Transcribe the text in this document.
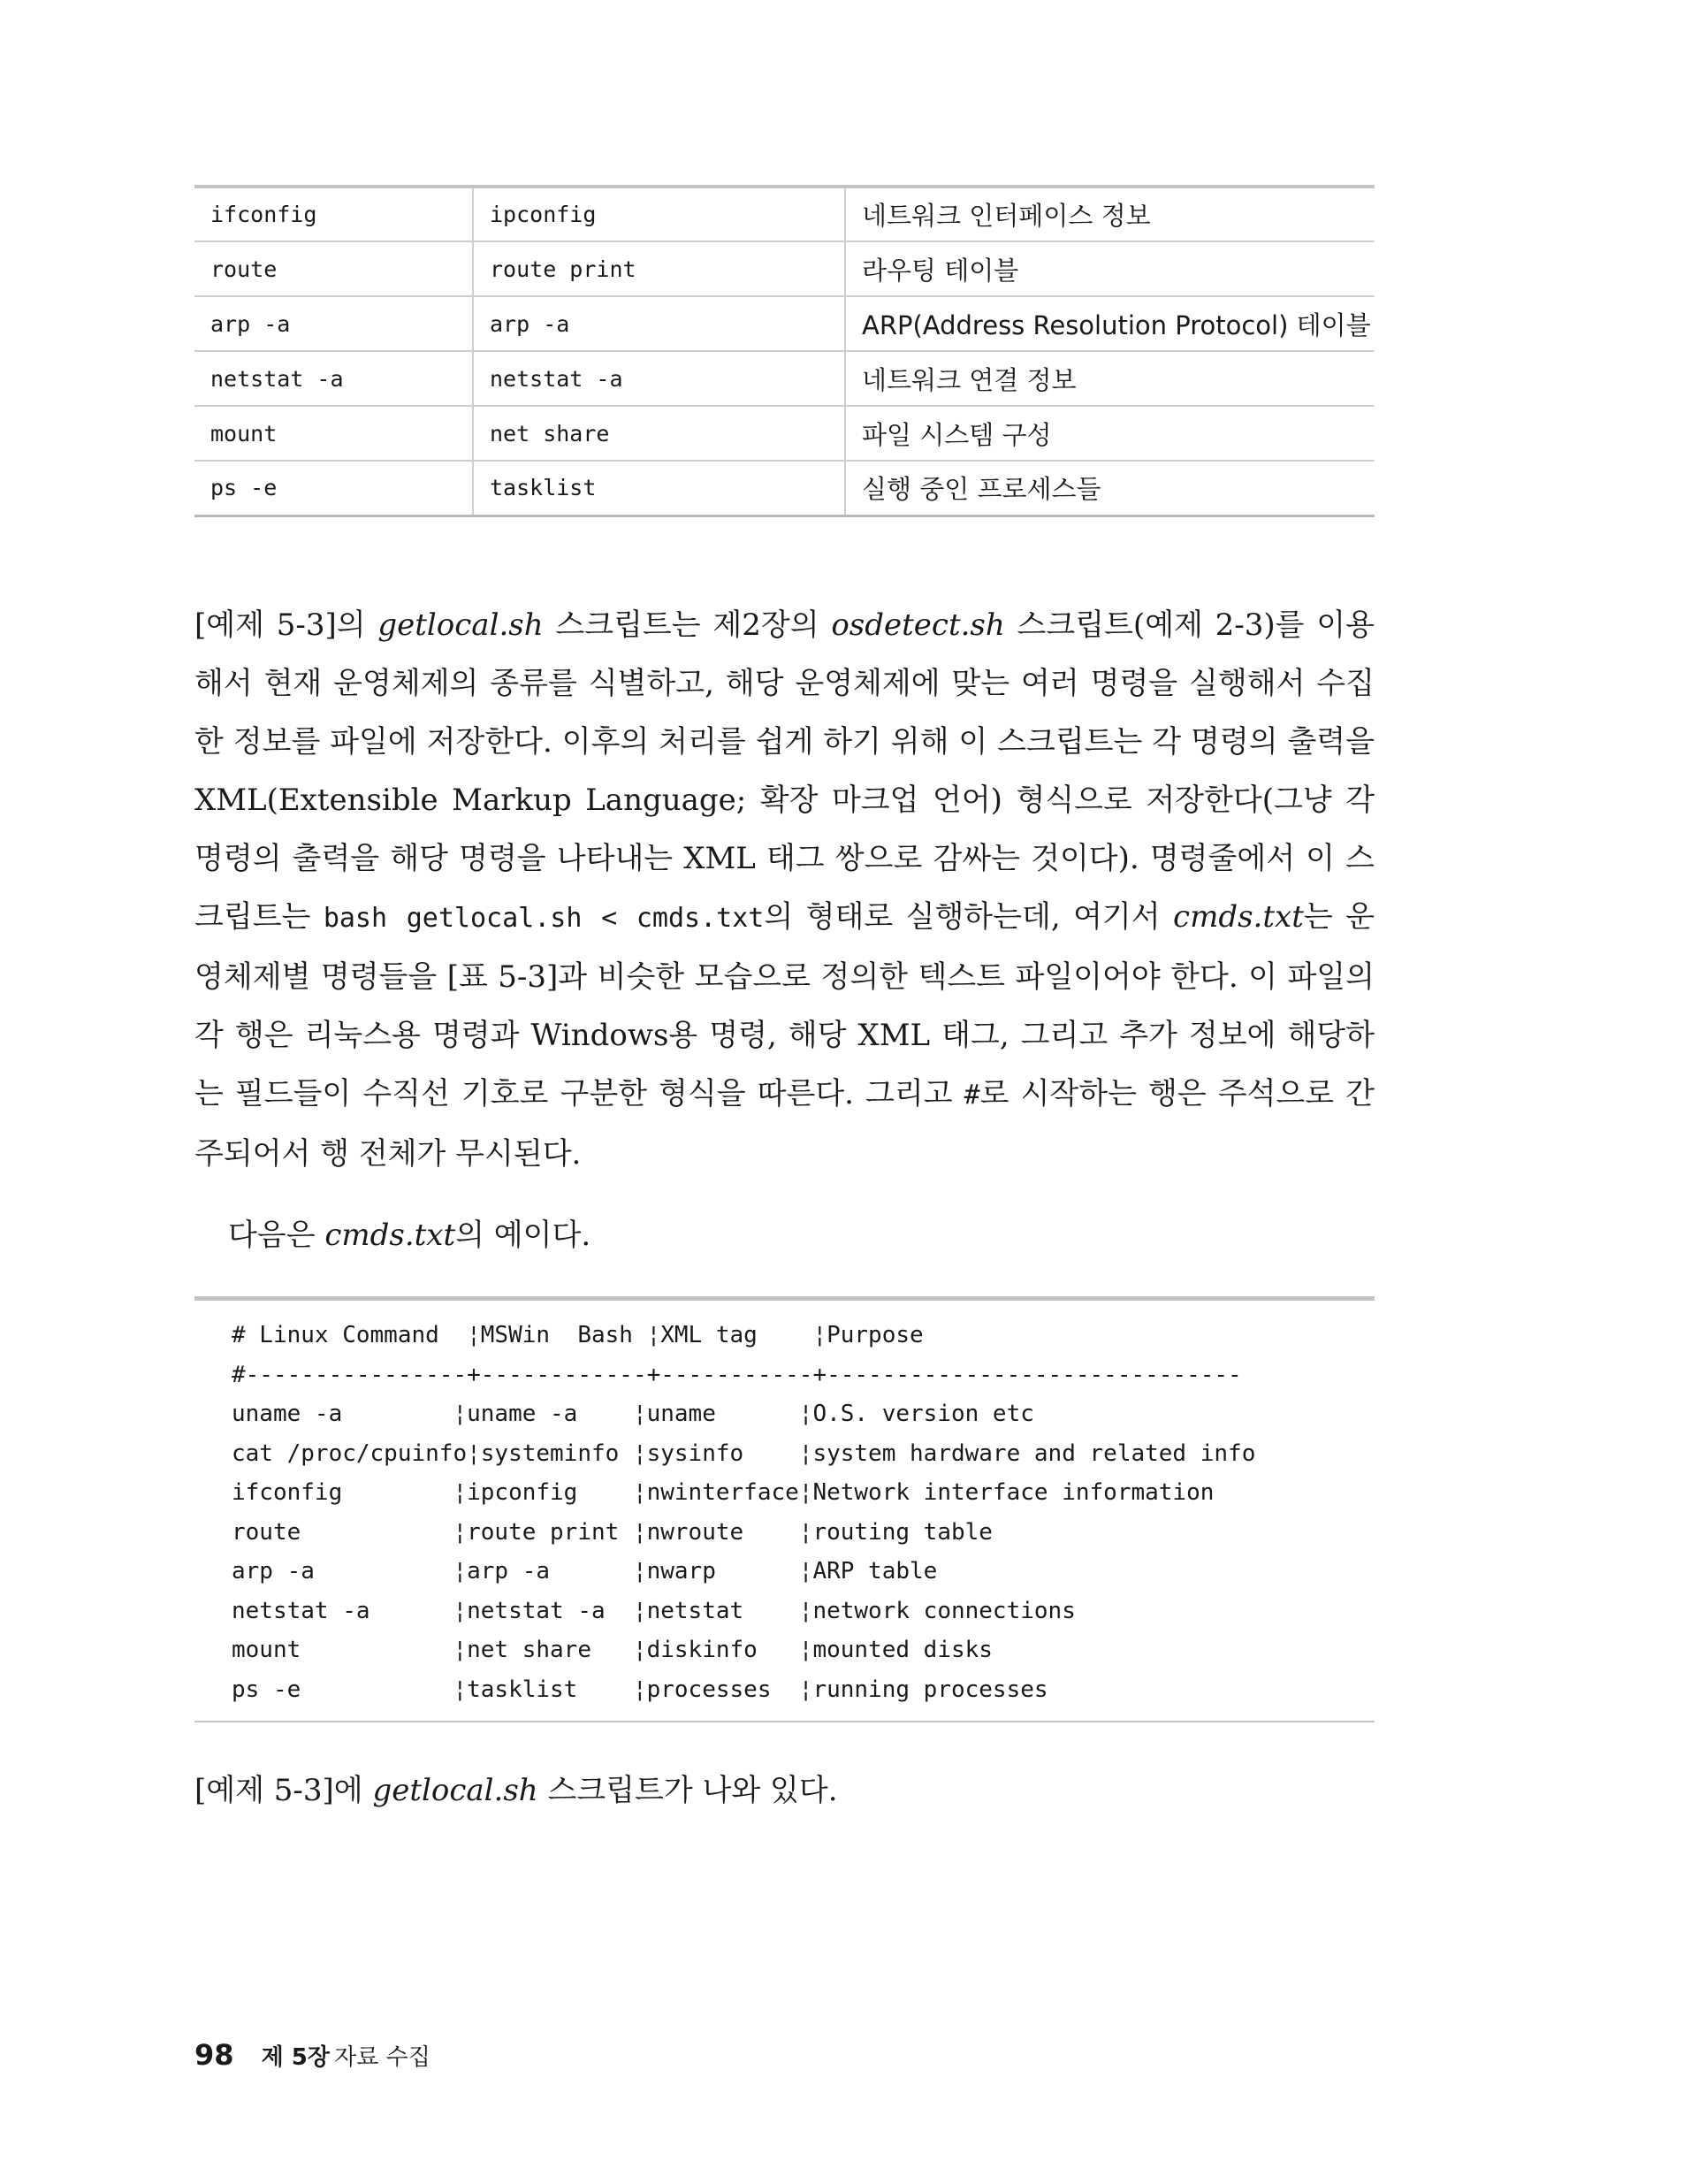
ifconfig	ipconfig	네트워크 인터페이스 정보
route	route print	라우팅 테이블
arp -a	arp -a	ARP(Address Resolution Protocol) 테이블
netstat -a	netstat -a	네트워크 연결 정보
mount	net share	파일 시스템 구성
ps -e	tasklist	실행 중인 프로세스들

[예제 5-3]의 getlocal.sh 스크립트는 제2장의 osdetect.sh 스크립트(예제 2-3)를 이용해서 현재 운영체제의 종류를 식별하고, 해당 운영체제에 맞는 여러 명령을 실행해서 수집한 정보를 파일에 저장한다. 이후의 처리를 쉽게 하기 위해 이 스크립트는 각 명령의 출력을 XML(Extensible Markup Language; 확장 마크업 언어) 형식으로 저장한다(그냥 각 명령의 출력을 해당 명령을 나타내는 XML 태그 쌍으로 감싸는 것이다). 명령줄에서 이 스크립트는 bash getlocal.sh < cmds.txt의 형태로 실행하는데, 여기서 cmds.txt는 운영체제별 명령들을 [표 5-3]과 비슷한 모습으로 정의한 텍스트 파일이어야 한다. 이 파일의 각 행은 리눅스용 명령과 Windows용 명령, 해당 XML 태그, 그리고 추가 정보에 해당하는 필드들이 수직선 기호로 구분한 형식을 따른다. 그리고 #로 시작하는 행은 주석으로 간주되어서 행 전체가 무시된다.

다음은 cmds.txt의 예이다.

# Linux Command  ¦MSWin  Bash ¦XML tag    ¦Purpose
#----------------+------------+-----------+------------------------------
uname -a        ¦uname -a    ¦uname      ¦O.S. version etc
cat /proc/cpuinfo¦systeminfo ¦sysinfo    ¦system hardware and related info
ifconfig        ¦ipconfig    ¦nwinterface¦Network interface information
route           ¦route print ¦nwroute    ¦routing table
arp -a          ¦arp -a      ¦nwarp      ¦ARP table
netstat -a      ¦netstat -a  ¦netstat    ¦network connections
mount           ¦net share   ¦diskinfo   ¦mounted disks
ps -e           ¦tasklist    ¦processes  ¦running processes

[예제 5-3]에 getlocal.sh 스크립트가 나와 있다.

98 제 5장 자료 수집
